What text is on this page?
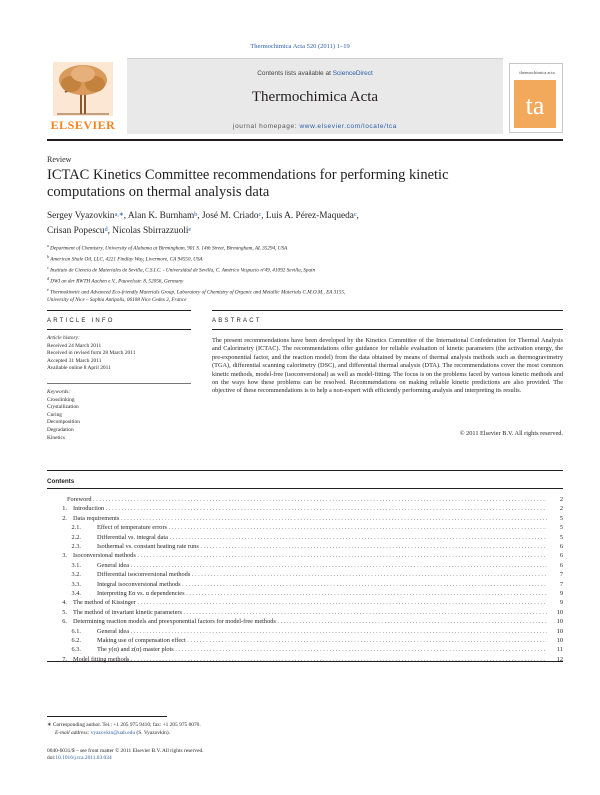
Thermochimica Acta 520 (2011) 1–19
ELSEVIER
Contents lists available at ScienceDirect
Thermochimica Acta
journal homepage: www.elsevier.com/locate/tca
thermochimica acta
ta
Review
ICTAC Kinetics Committee recommendations for performing kinetic
computations on thermal analysis data
Sergey Vyazovkin$^{a,∗}$, Alan K. Burnham$^b$, José M. Criado$^c$, Luis A. Pérez-Maqueda$^c$,
Crisan Popescu$^d$, Nicolas Sbirrazzuoli$^e$
$^a$ Department of Chemistry, University of Alabama at Birmingham, 901 S. 14th Street, Birmingham, AL 35294, USA
$^b$ American Shale Oil, LLC, 4221 Findlay Way, Livermore, CA 94550, USA
$^c$ Instituto de Ciencia de Materiales de Sevilla, C.S.I.C. - Universidad de Sevilla, C. Américo Vespucio nº49, 41092 Sevilla, Spain
$^d$ DWI an der RWTH Aachen e.V., Pauwelsstr. 8, 52056, Germany
$^e$ Thermokinetic and Advanced Eco-friendly Materials Group, Laboratory of Chemistry of Organic and Metallic Materials C.M.O.M., EA 3155,
University of Nice – Sophia Antipolis, 06108 Nice Cedex 2, France
ARTICLE INFO	ABSTRACT
Article history:
Received 24 March 2011
Received in revised form 28 March 2011
Accepted 31 March 2011
Available online 8 April 2011
Keywords:
Crosslinking
Crystallization
Curing
Decomposition
Degradation
Kinetics
The present recommendations have been developed by the Kinetics Committee of the International Confederation for Thermal Analysis and Calorimetry (ICTAC). The recommendations offer guidance for reliable evaluation of kinetic parameters (the activation energy, the pre-exponential factor, and the reaction model) from the data obtained by means of thermal analysis methods such as thermogravimetry (TGA), differential scanning calorimetry (DSC), and differential thermal analysis (DTA). The recommendations cover the most common kinetic methods, model-free (isoconversional) as well as model-fitting. The focus is on the problems faced by various kinetic methods and on the ways how these problems can be resolved. Recommendations on making reliable kinetic predictions are also provided. The objective of these recommendations is to help a non-expert with efficiently performing analysis and interpreting its results.
© 2011 Elsevier B.V. All rights reserved.
Contents
Foreword . . .	2
1. Introduction . . .	2
2. Data requirements . . .	5
2.1.	Effect of temperature errors . . .	5
2.2.	Differential vs. integral data . . .	5
2.3.	Isothermal vs. constant heating rate runs . . .	6
3. Isoconversional methods . . .	6
3.1.	General idea . . .	6
3.2.	Differential isoconversional methods . . .	7
3.3.	Integral isoconversional methods . . .	7
3.4.	Interpreting Eα vs. α dependencies . . .	9
4. The method of Kissinger . . .	9
5. The method of invariant kinetic parameters . . .	10
6. Determining reaction models and preexponential factors for model-free methods . . .	10
6.1.	General idea . . .	10
6.2.	Making use of compensation effect . . .	10
6.3.	The y(α) and z(α) master plots . . .	11
7. Model fitting methods . . .	12
∗ Corresponding author. Tel.: +1 205 975 9410; fax: +1 205 975 0070.
E-mail address: vyazovkin@uab.edu (S. Vyazovkin).
0040-6031/$ – see front matter © 2011 Elsevier B.V. All rights reserved.
doi:10.1016/j.tca.2011.03.034
